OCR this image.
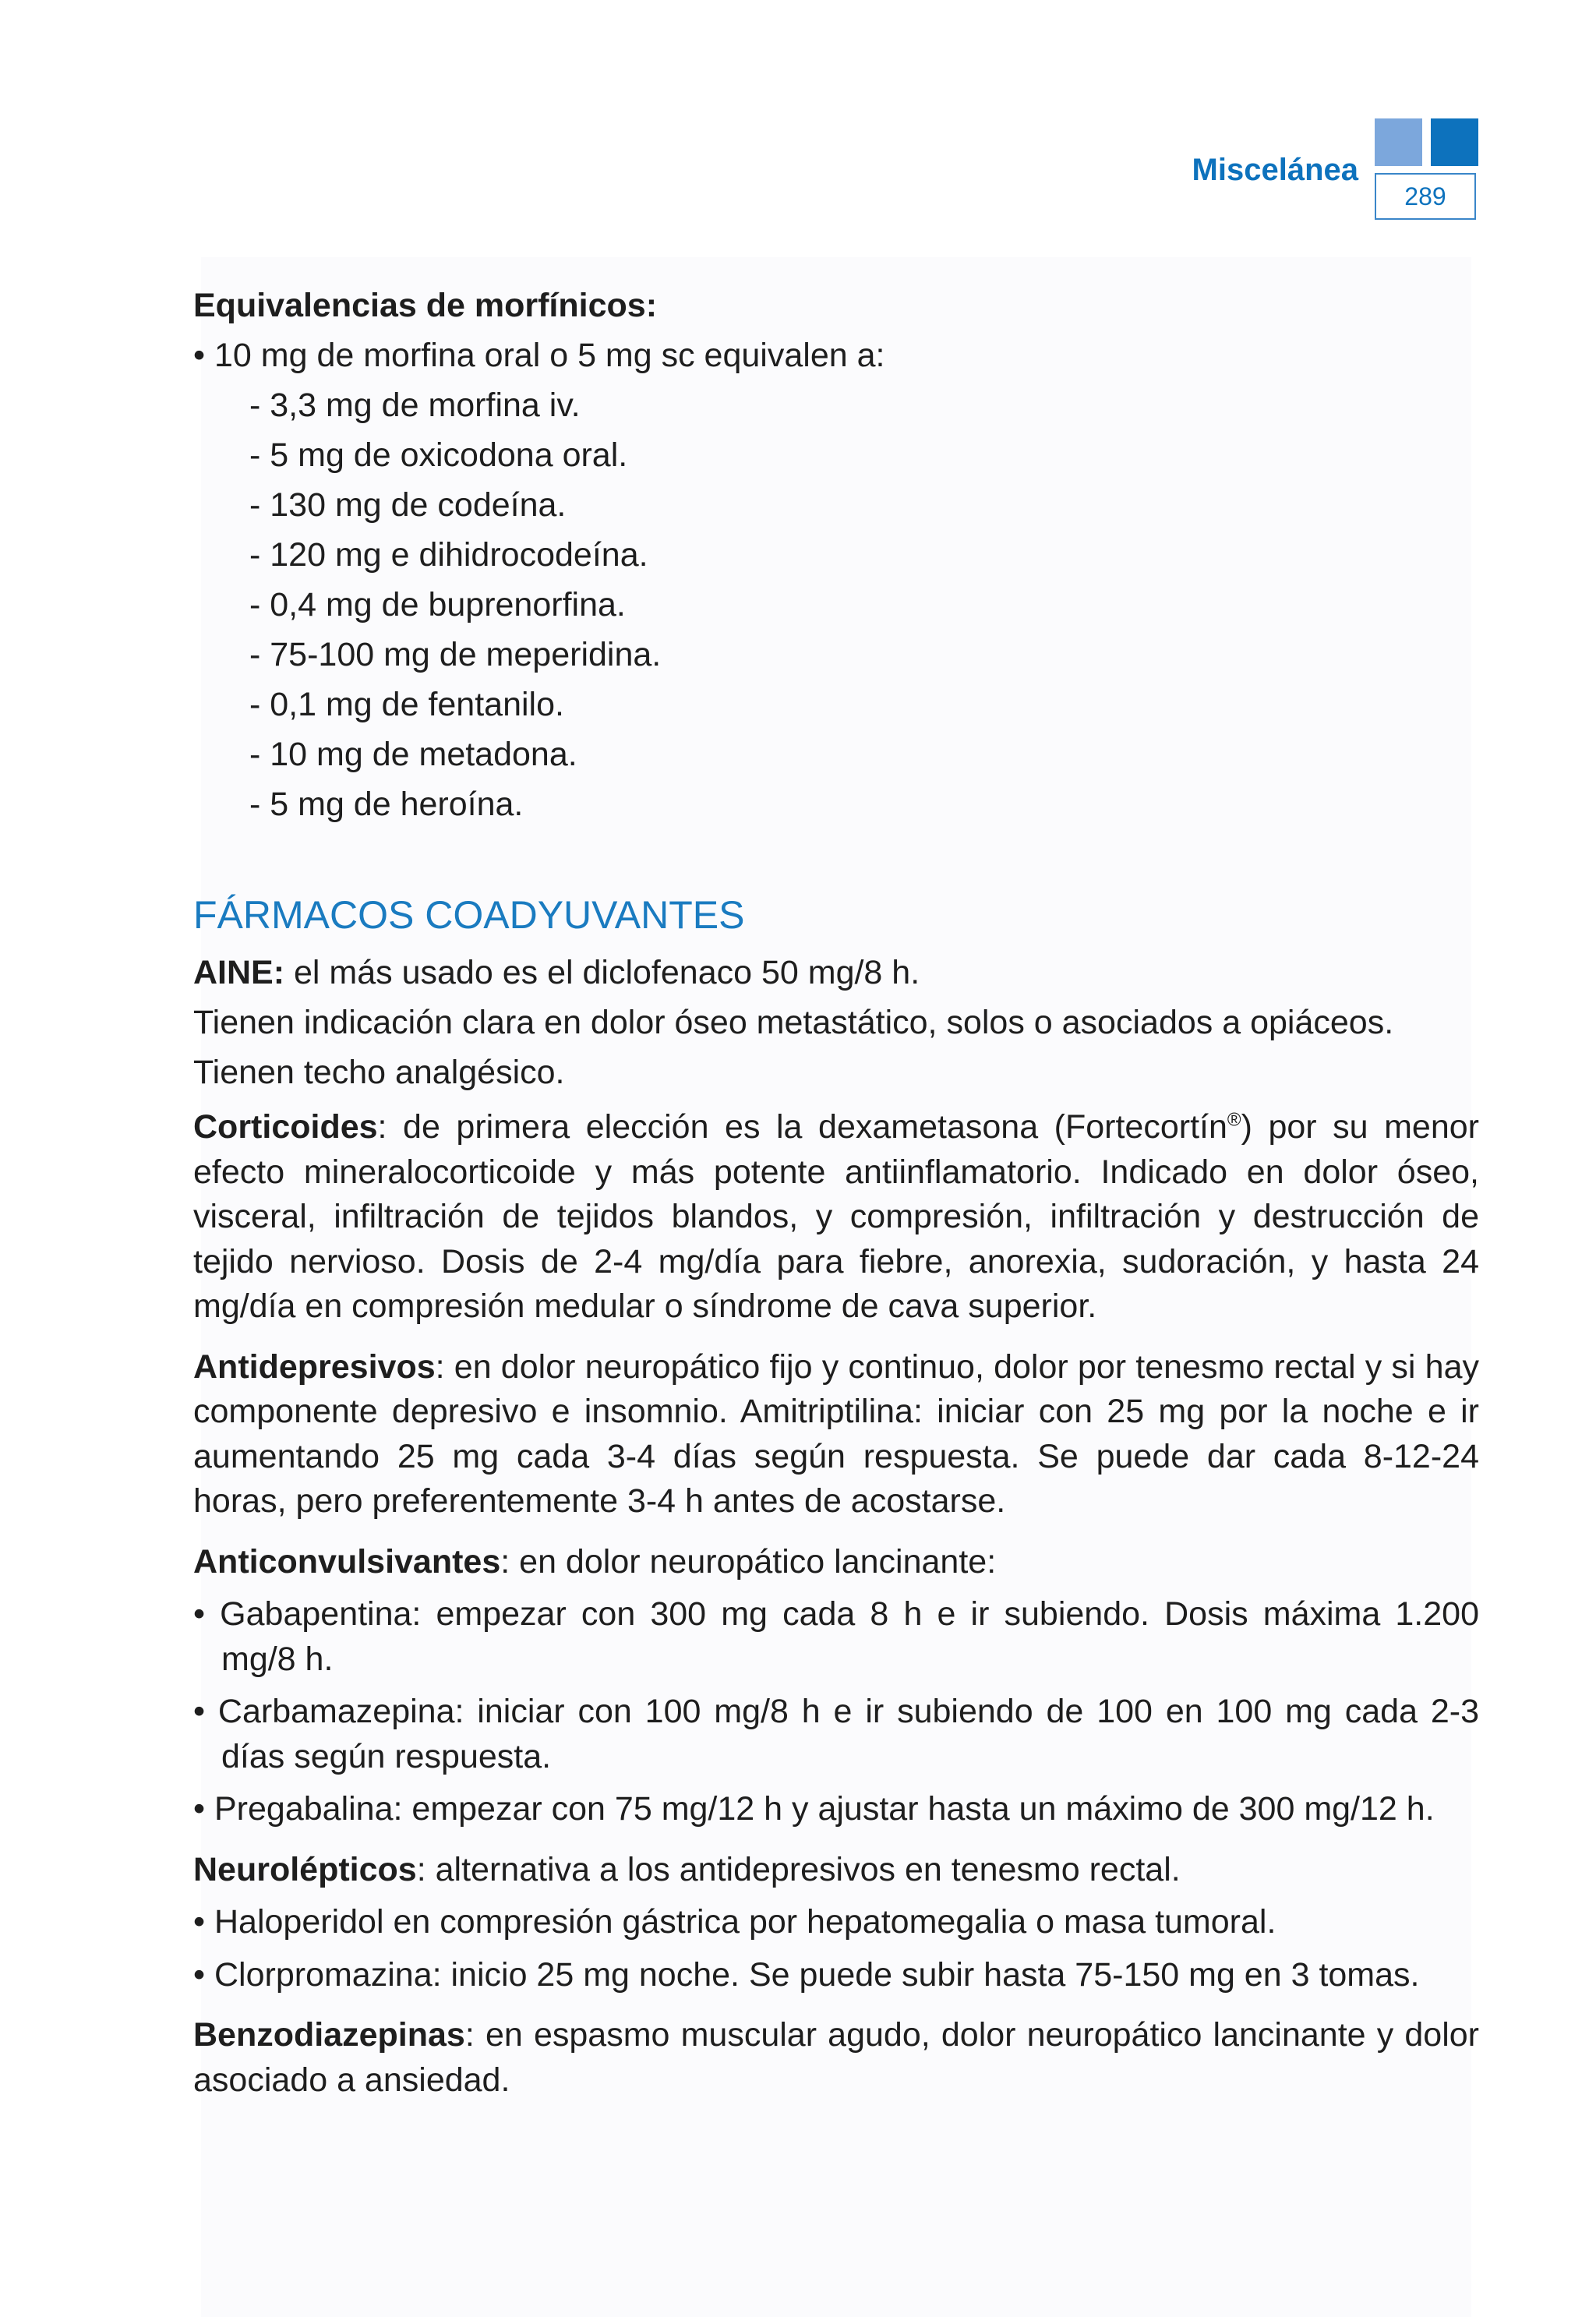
Miscelánea
289

Equivalencias de morfínicos:

• 10 mg de morfina oral o 5 mg sc equivalen a:

- 3,3 mg de morfina iv.

- 5 mg de oxicodona oral.

- 130 mg de codeína.

- 120 mg e dihidrocodeína.

- 0,4 mg de buprenorfina.

- 75-100 mg de meperidina.

- 0,1 mg de fentanilo.

- 10 mg de metadona.

- 5 mg de heroína.

FÁRMACOS COADYUVANTES

AINE: el más usado es el diclofenaco 50 mg/8 h.

Tienen indicación clara en dolor óseo metastático, solos o asociados a opiáceos.

Tienen techo analgésico.

Corticoides: de primera elección es la dexametasona (Fortecortín®) por su menor efecto mineralocorticoide y más potente antiinflamatorio. Indicado en dolor óseo, visceral, infiltración de tejidos blandos, y compresión, infiltración y destrucción de tejido nervioso. Dosis de 2-4 mg/día para fiebre, anorexia, sudoración, y hasta 24 mg/día en compresión medular o síndrome de cava superior.

Antidepresivos: en dolor neuropático fijo y continuo, dolor por tenesmo rectal y si hay componente depresivo e insomnio. Amitriptilina: iniciar con 25 mg por la noche e ir aumentando 25 mg cada 3-4 días según respuesta. Se puede dar cada 8-12-24 horas, pero preferentemente 3-4 h antes de acostarse.

Anticonvulsivantes: en dolor neuropático lancinante:

• Gabapentina: empezar con 300 mg cada 8 h e ir subiendo. Dosis máxima 1.200 mg/8 h.

• Carbamazepina: iniciar con 100 mg/8 h e ir subiendo de 100 en 100 mg cada 2-3 días según respuesta.

• Pregabalina: empezar con 75 mg/12 h y ajustar hasta un máximo de 300 mg/12 h.

Neurolépticos: alternativa a los antidepresivos en tenesmo rectal.

• Haloperidol en compresión gástrica por hepatomegalia o masa tumoral.

• Clorpromazina: inicio 25 mg noche. Se puede subir hasta 75-150 mg en 3 tomas.

Benzodiazepinas: en espasmo muscular agudo, dolor neuropático lancinante y dolor asociado a ansiedad.
